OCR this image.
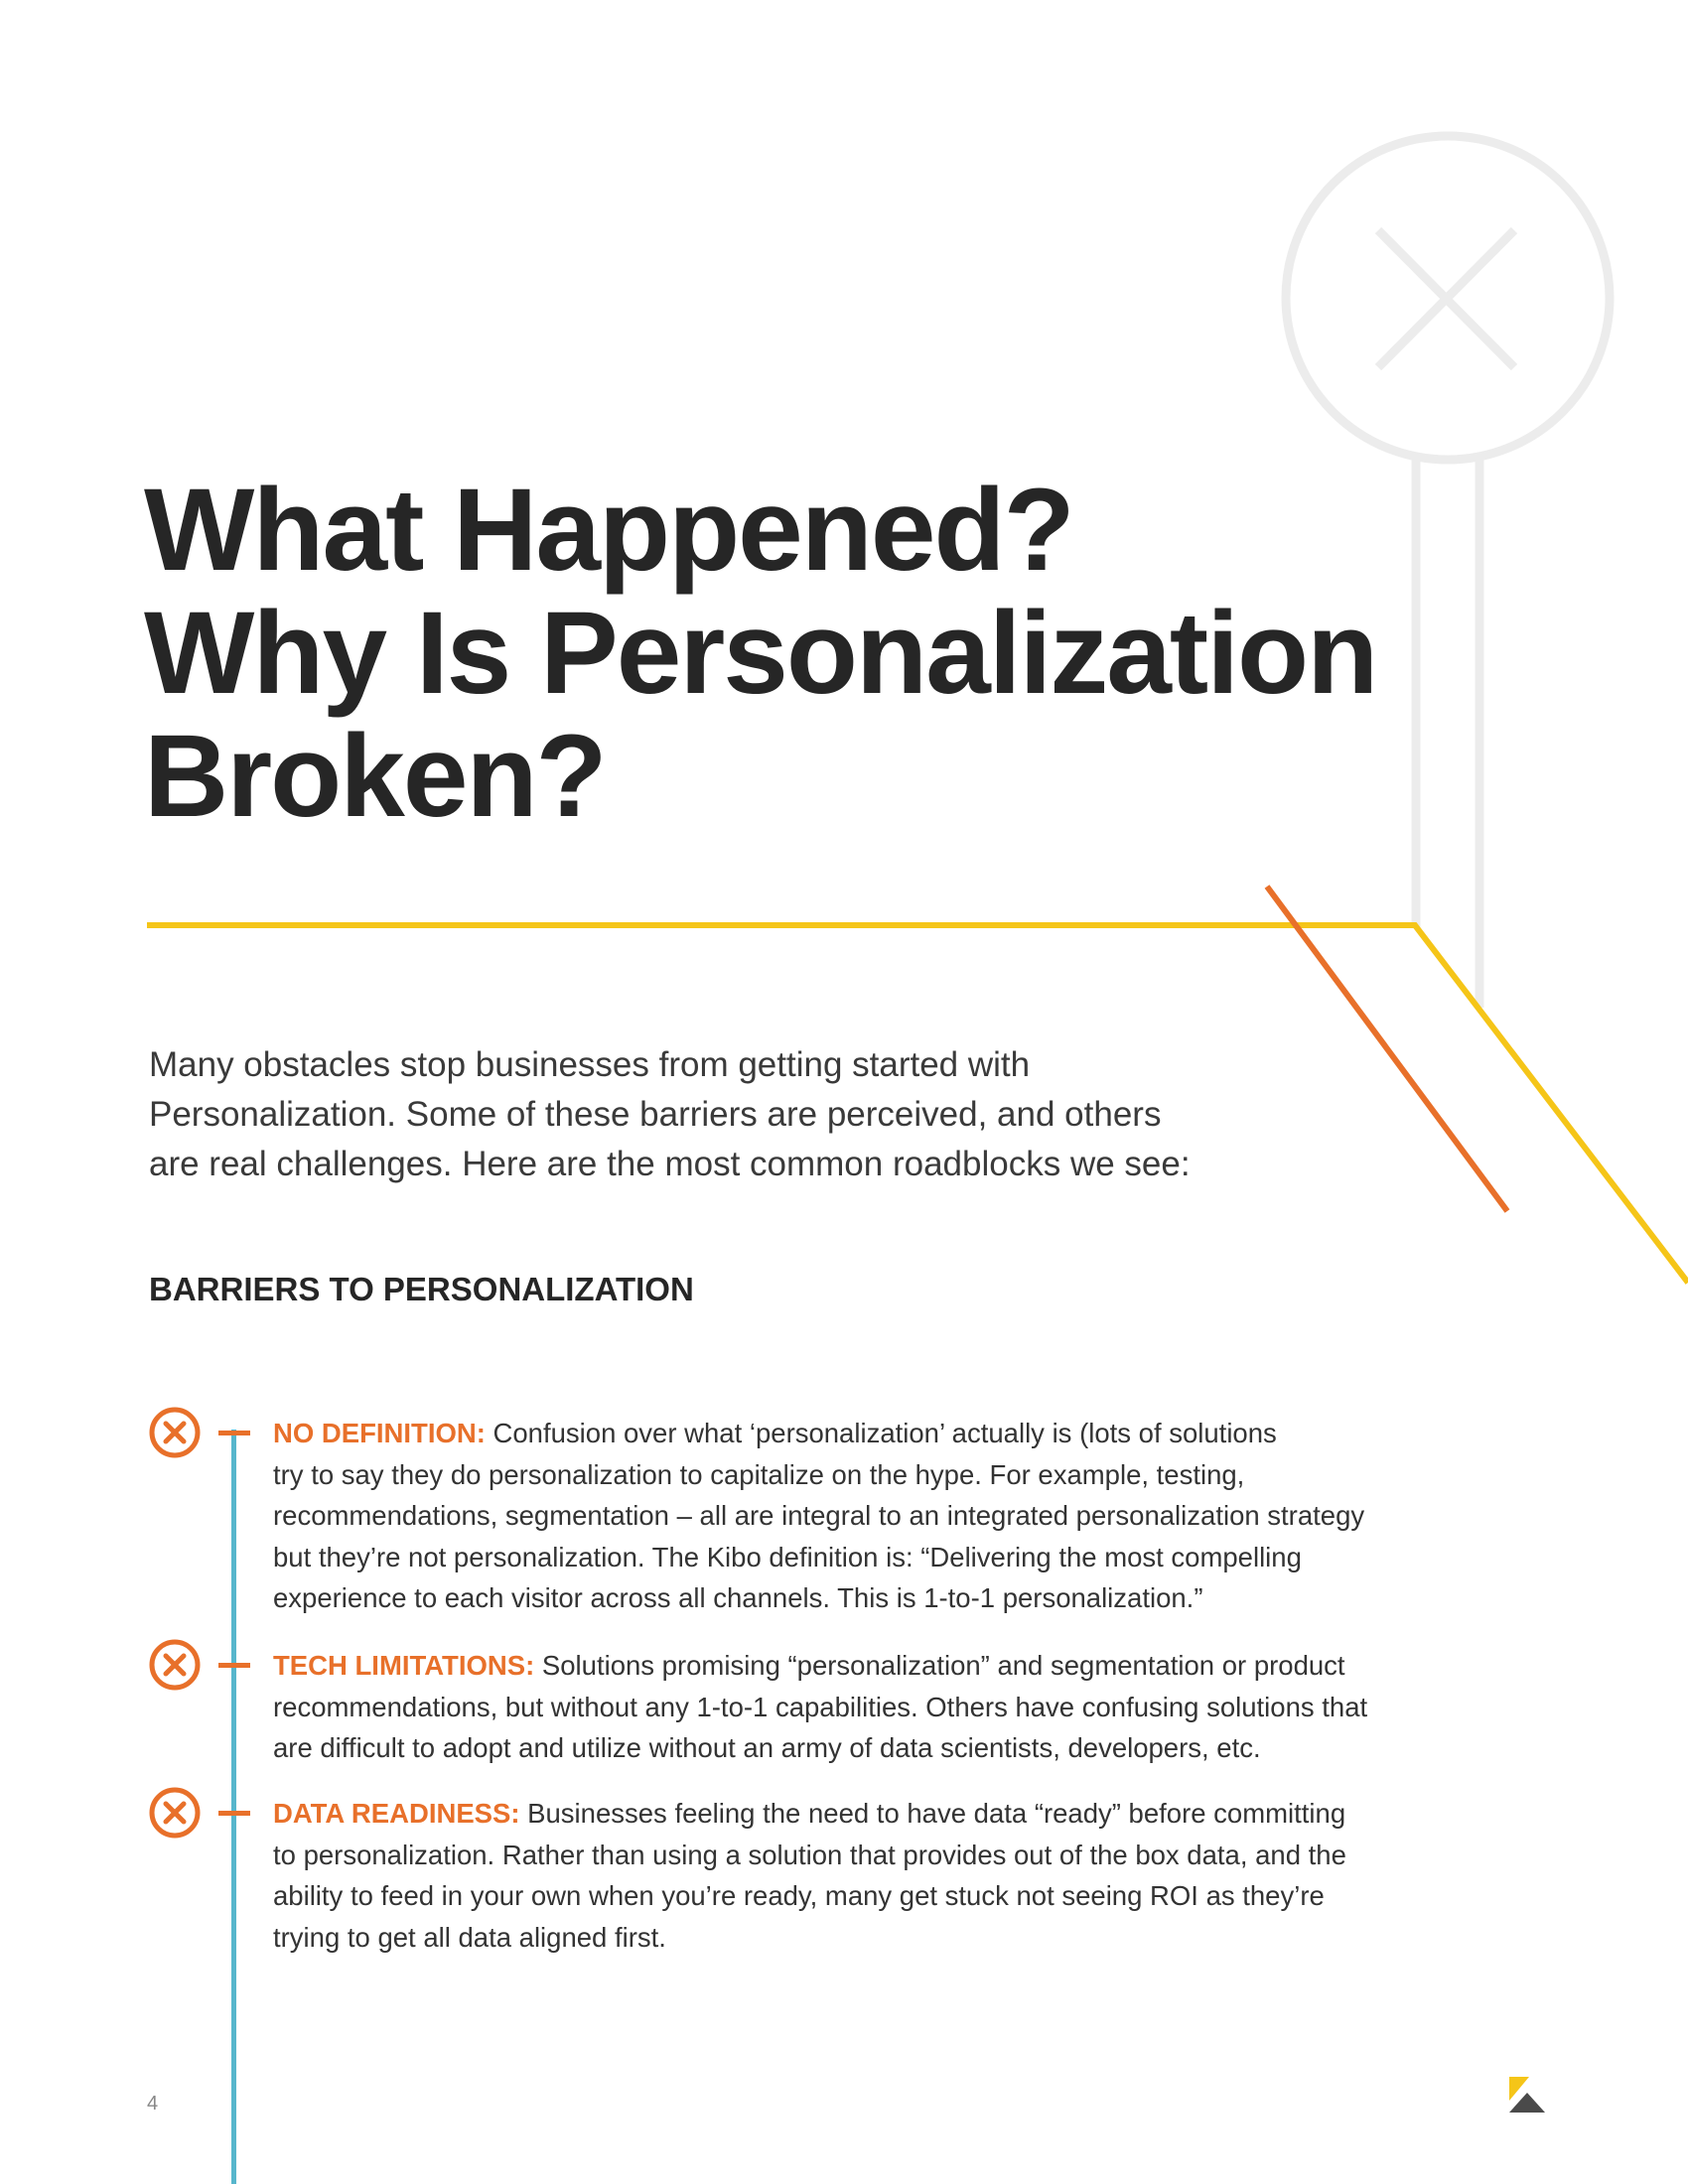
What Happened?
Why Is Personalization
Broken?

Many obstacles stop businesses from getting started with

Personalization. Some of these barriers are perceived, and others

are real challenges. Here are the most common roadblocks we see:

BARRIERS TO PERSONALIZATION

NO DEFINITION: Confusion over what ‘personalization’ actually is (lots of solutions
try to say they do personalization to capitalize on the hype. For example, testing,
recommendations, segmentation – all are integral to an integrated personalization strategy
but they’re not personalization. The Kibo definition is: “Delivering the most compelling
experience to each visitor across all channels. This is 1-to-1 personalization.”

TECH LIMITATIONS: Solutions promising “personalization” and segmentation or product
recommendations, but without any 1-to-1 capabilities. Others have confusing solutions that
are difficult to adopt and utilize without an army of data scientists, developers, etc.

DATA READINESS: Businesses feeling the need to have data “ready” before committing
to personalization. Rather than using a solution that provides out of the box data, and the
ability to feed in your own when you’re ready, many get stuck not seeing ROI as they’re
trying to get all data aligned first.

4
